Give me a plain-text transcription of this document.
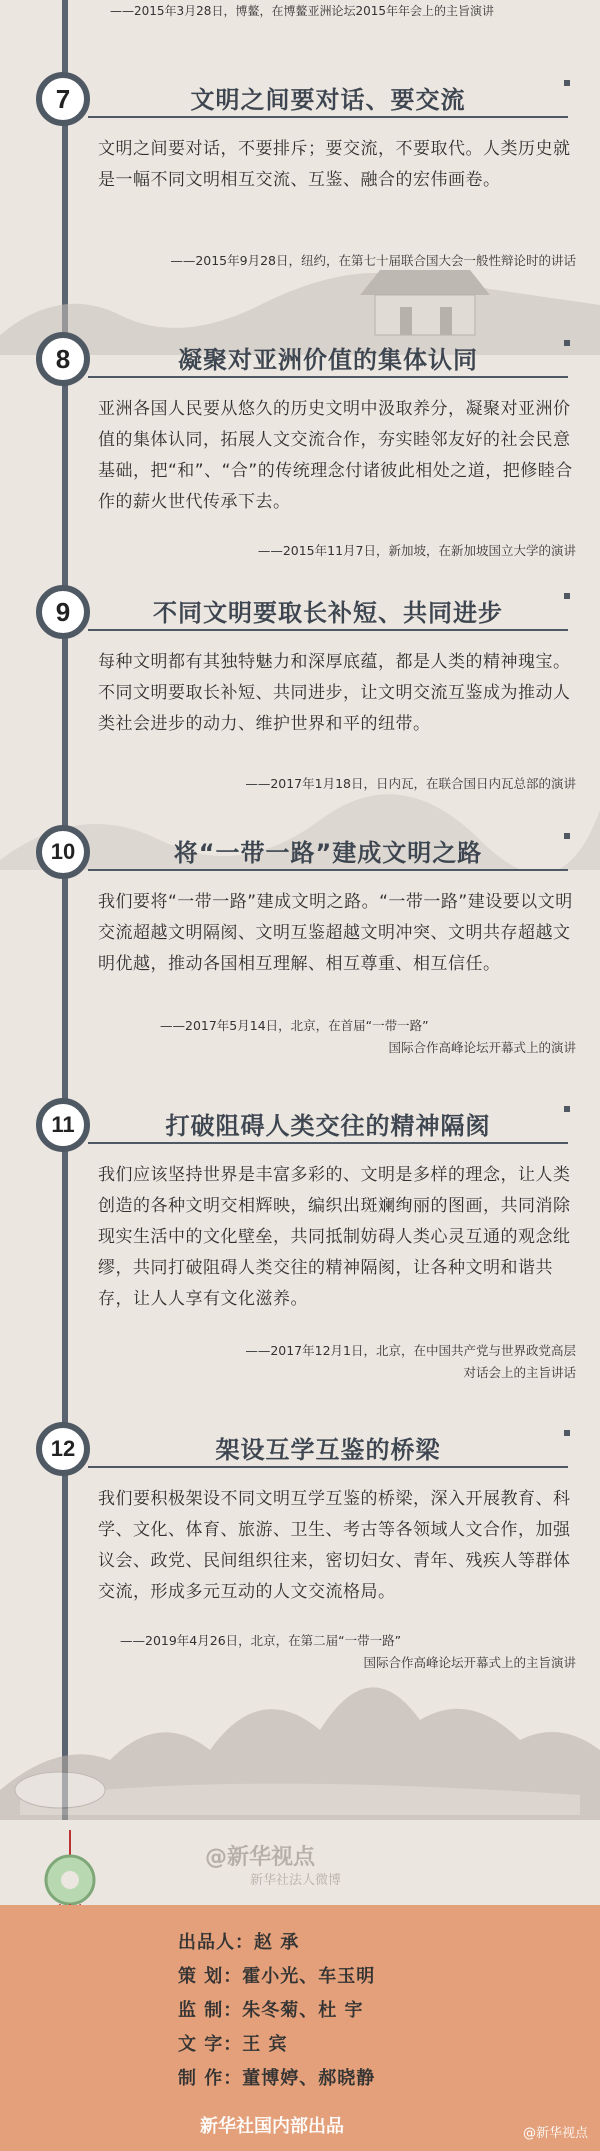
——2015年3月28日，博鳌，在博鳌亚洲论坛2015年年会上的主旨演讲
7	文明之间要对话、要交流
文明之间要对话，不要排斥；要交流，不要取代。人类历史就是一幅不同文明相互交流、互鉴、融合的宏伟画卷。
——2015年9月28日，纽约，在第七十届联合国大会一般性辩论时的讲话
8	凝聚对亚洲价值的集体认同
亚洲各国人民要从悠久的历史文明中汲取养分，凝聚对亚洲价值的集体认同，拓展人文交流合作，夯实睦邻友好的社会民意基础，把“和”、“合”的传统理念付诸彼此相处之道，把修睦合作的薪火世代传承下去。
——2015年11月7日，新加坡，在新加坡国立大学的演讲
9	不同文明要取长补短、共同进步
每种文明都有其独特魅力和深厚底蕴，都是人类的精神瑰宝。不同文明要取长补短、共同进步，让文明交流互鉴成为推动人类社会进步的动力、维护世界和平的纽带。
——2017年1月18日，日内瓦，在联合国日内瓦总部的演讲
10	将“一带一路”建成文明之路
我们要将“一带一路”建成文明之路。“一带一路”建设要以文明交流超越文明隔阂、文明互鉴超越文明冲突、文明共存超越文明优越，推动各国相互理解、相互尊重、相互信任。
——2017年5月14日，北京，在首届“一带一路”
国际合作高峰论坛开幕式上的演讲
11	打破阻碍人类交往的精神隔阂
我们应该坚持世界是丰富多彩的、文明是多样的理念，让人类创造的各种文明交相辉映，编织出斑斓绚丽的图画，共同消除现实生活中的文化壁垒，共同抵制妨碍人类心灵互通的观念纰缪，共同打破阻碍人类交往的精神隔阂，让各种文明和谐共存，让人人享有文化滋养。
——2017年12月1日，北京，在中国共产党与世界政党高层
对话会上的主旨讲话
12	架设互学互鉴的桥梁
我们要积极架设不同文明互学互鉴的桥梁，深入开展教育、科学、文化、体育、旅游、卫生、考古等各领域人文合作，加强议会、政党、民间组织往来，密切妇女、青年、残疾人等群体交流，形成多元互动的人文交流格局。
——2019年4月26日，北京，在第二届“一带一路”
国际合作高峰论坛开幕式上的主旨演讲
@新华视点
新华社法人微博
出品人：赵 承
策 划：霍小光、车玉明
监 制：朱冬菊、杜 宇
文 字：王 宾
制 作：董博婷、郝晓静
新华社国内部出品	@新华视点
